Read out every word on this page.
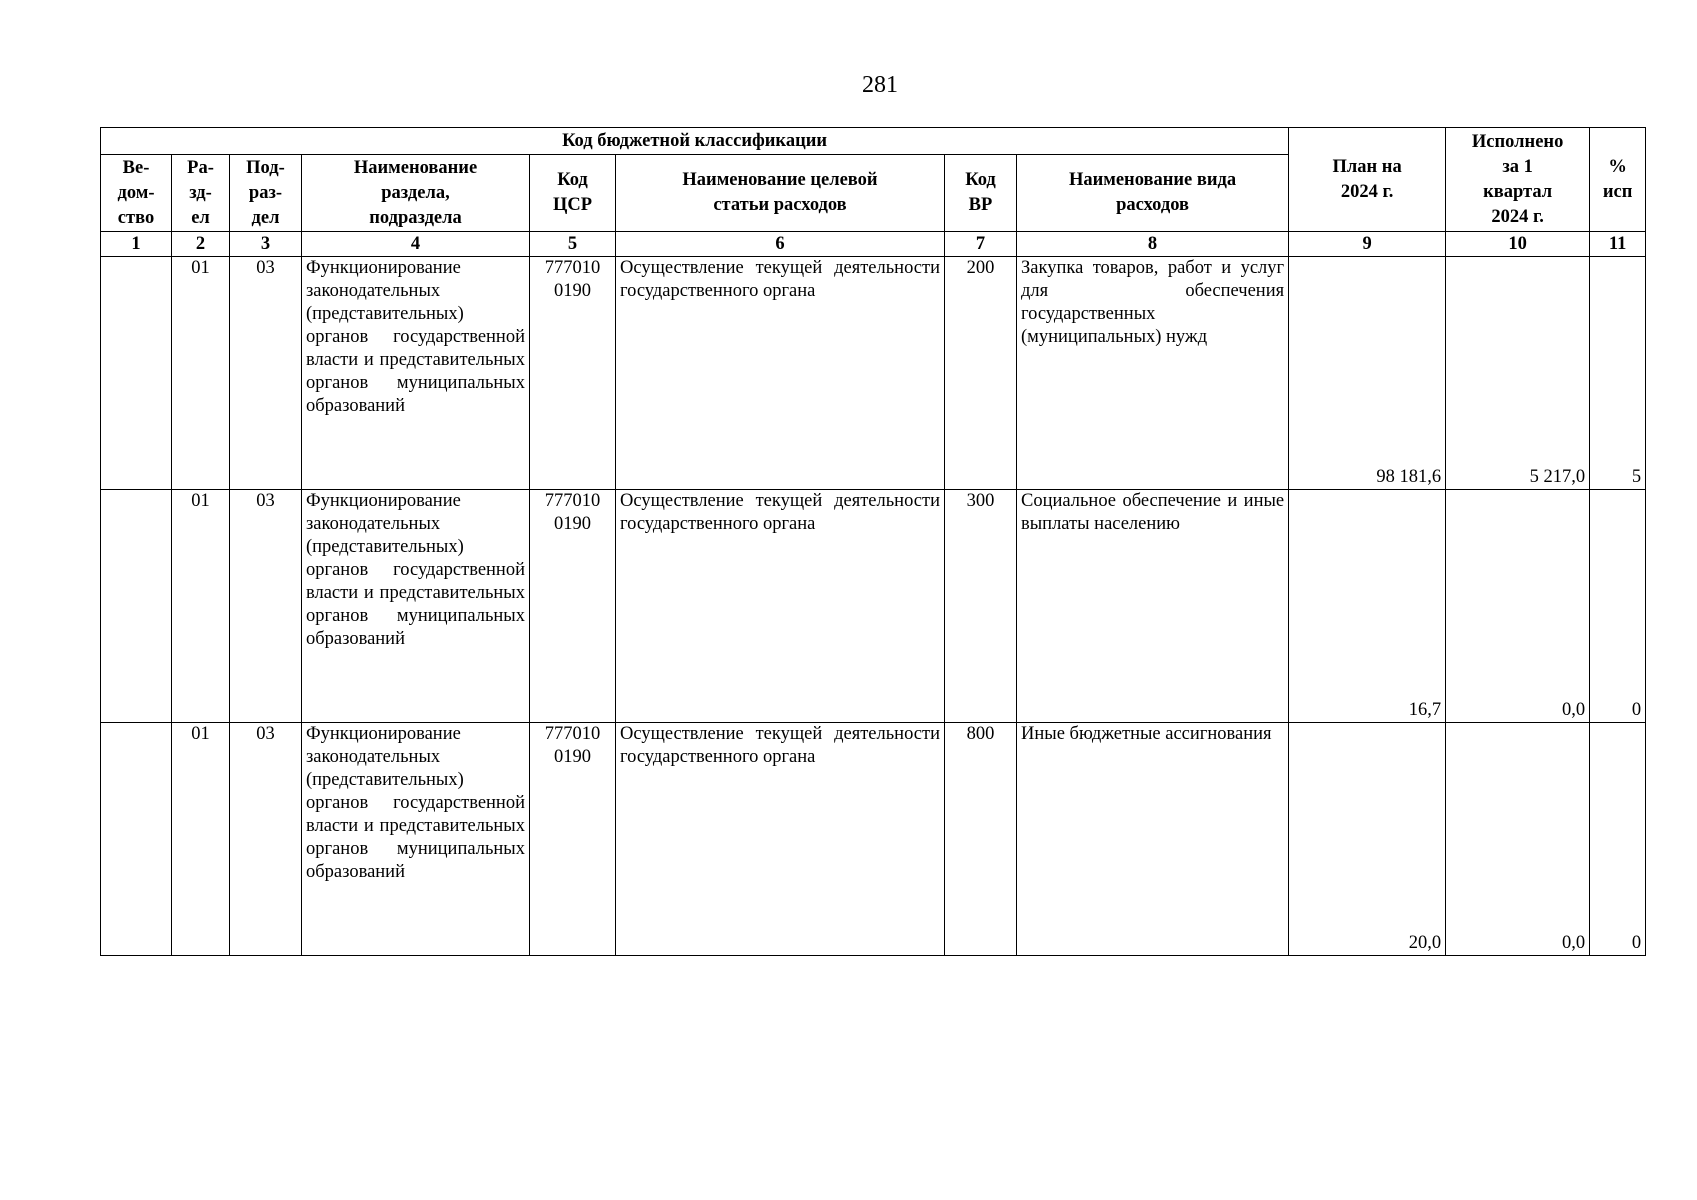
281
Код бюджетной классификации								План на
2024 г.	Исполнено
за 1
квартал
2024 г.	%
исп
Ве-
дом-
ство	Ра-
зд-
ел	Под-
раз-
дел	Наименование
раздела,
подраздела	Код
ЦСР	Наименование целевой
статьи расходов	Код
ВР	Наименование вида
расходов			
1	2	3	4	5	6	7	8	9	10	11
	01	03	Функционирование законодательных (представительных) органов государственной власти и представительных органов муниципальных образований	777010
0190	Осуществление текущей деятельности государственного органа	200	Закупка товаров, работ и услуг для обеспечения государственных (муниципальных) нужд	98 181,6	5 217,0	5
	01	03	Функционирование законодательных (представительных) органов государственной власти и представительных органов муниципальных образований	777010
0190	Осуществление текущей деятельности государственного органа	300	Социальное обеспечение и иные выплаты населению	16,7	0,0	0
	01	03	Функционирование законодательных (представительных) органов государственной власти и представительных органов муниципальных образований	777010
0190	Осуществление текущей деятельности государственного органа	800	Иные бюджетные ассигнования	20,0	0,0	0
